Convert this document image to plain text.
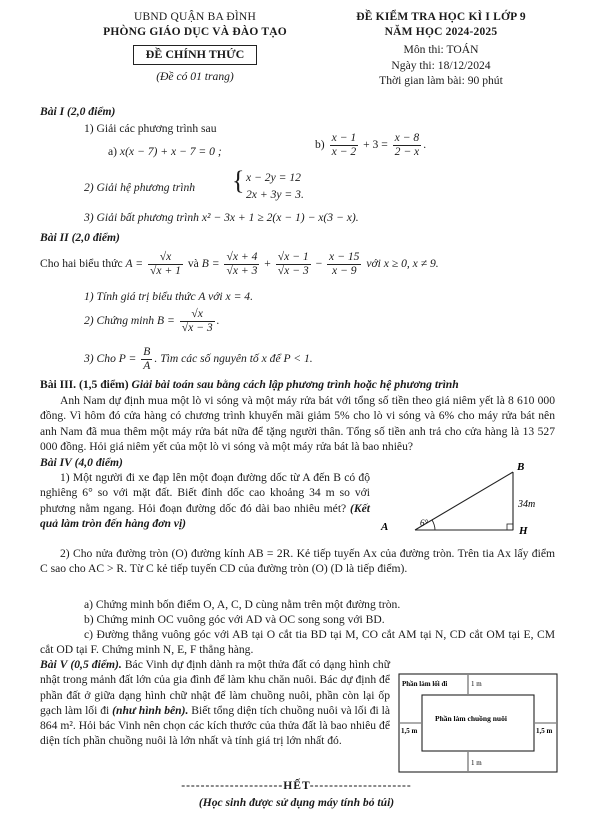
UBND QUẬN BA ĐÌNH
PHÒNG GIÁO DỤC VÀ ĐÀO TẠO
ĐỀ CHÍNH THỨC
(Đề có 01 trang)
ĐỀ KIỂM TRA HỌC KÌ I LỚP 9
NĂM HỌC 2024-2025
Môn thi: TOÁN
Ngày thi: 18/12/2024
Thời gian làm bài: 90 phút
Bài I (2,0 điểm)
1) Giải các phương trình sau
a) x(x − 7) + x − 7 = 0 ;
$b) \frac{x - 1}{x - 2} + 3 = \frac{x - 8}{2 - x}$ .
2) Giải hệ phương trình { x − 2y = 12
2x + 3y = 3.
3) Giải bất phương trình x² − 3x + 1 ≥ 2(x − 1) − x(3 − x).
Bài II (2,0 điểm)
Cho hai biểu thức $A = \frac{√x}{√x + 1}$ và $B = \frac{√x + 4}{√x + 3} + \frac{√x - 1}{√x - 3} - \frac{x - 15}{x - 9}$ với x ≥ 0, x ≠ 9.
1) Tính giá trị biểu thức A với x = 4.
2) Chứng minh $B = \frac{√x}{√x - 3}$ .
3) Cho $P = \frac{B}{A}$ . Tìm các số nguyên tố x để P < 1.
Bài III. (1,5 điểm) Giải bài toán sau bằng cách lập phương trình hoặc hệ phương trình
Anh Nam dự định mua một lò vi sóng và một máy rửa bát với tổng số tiền theo giá niêm yết là 8 610 000 đồng. Vì hôm đó cửa hàng có chương trình khuyến mãi giảm 5% cho lò vi sóng và 6% cho máy rửa bát nên anh Nam đã mua thêm một máy rửa bát nữa để tặng người thân. Tổng số tiền anh trả cho cửa hàng là 13 527 000 đồng. Hỏi giá niêm yết của một lò vi sóng và một máy rửa bát là bao nhiêu?
Bài IV (4,0 điểm)
1) Một người đi xe đạp lên một đoạn đường dốc từ A đến B có độ nghiêng 6° so với mặt đất. Biết đỉnh dốc cao khoảng 34 m so với phương nằm ngang. Hỏi đoạn đường dốc đó dài bao nhiêu mét? (Kết quả làm tròn đến hàng đơn vị)
B
A	H
34m
6°
2) Cho nửa đường tròn (O) đường kính AB = 2R. Kẻ tiếp tuyến Ax của đường tròn. Trên tia Ax lấy điểm C sao cho AC > R. Từ C kẻ tiếp tuyến CD của đường tròn (O) (D là tiếp điểm).
a) Chứng minh bốn điểm O, A, C, D cùng nằm trên một đường tròn.
b) Chứng minh OC vuông góc với AD và OC song song với BD.
c) Đường thẳng vuông góc với AB tại O cắt tia BD tại M, CO cắt AM tại N, CD cắt OM tại E, CM cắt OD tại F. Chứng minh N, E, F thẳng hàng.
Bài V (0,5 điểm). Bác Vinh dự định dành ra một thửa đất có dạng hình chữ nhật trong mảnh đất lớn của gia đình để làm khu chăn nuôi. Bác dự định để phần đất ở giữa dạng hình chữ nhật để làm chuồng nuôi, phần còn lại ốp gạch làm lối đi (như hình bên). Biết tổng diện tích chuồng nuôi và lối đi là 864 m². Hỏi bác Vinh nên chọn các kích thước của thửa đất là bao nhiêu để diện tích phần chuồng nuôi là lớn nhất và tính giá trị lớn nhất đó.
Phần làm lối đi	1 m
1 m
1,5 m	1,5 m
Phần làm chuồng nuôi
---------------------HẾT---------------------
(Học sinh được sử dụng máy tính bỏ túi)
